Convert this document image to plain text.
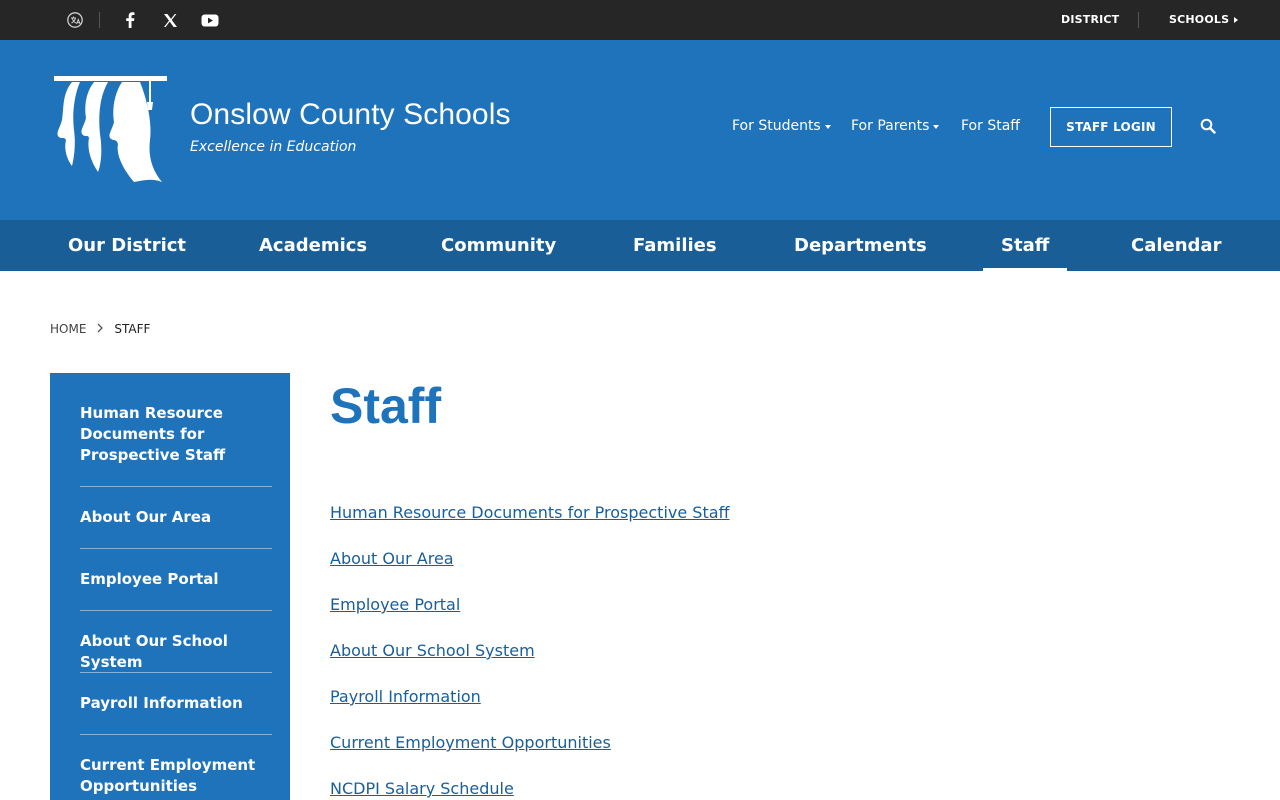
DISTRICT	SCHOOLS
Onslow County Schools
Excellence in Education
For Students For Parents For Staff	STAFF LOGIN
Our District	Academics	Community	Families	Departments	Staff	Calendar
HOME STAFF
Human Resource Documents for Prospective Staff
About Our Area
Employee Portal
About Our School System
Payroll Information
Current Employment Opportunities
Staff
Human Resource Documents for Prospective Staff
About Our Area
Employee Portal
About Our School System
Payroll Information
Current Employment Opportunities
NCDPI Salary Schedule
